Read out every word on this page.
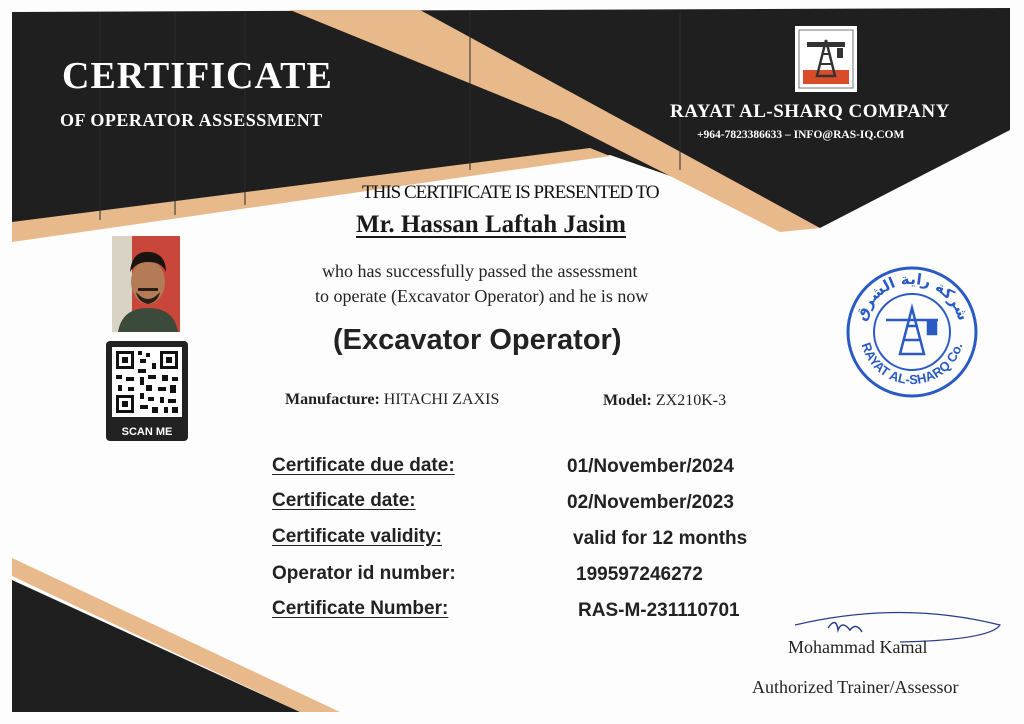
CERTIFICATE
OF OPERATOR ASSESSMENT	RAYAT AL-SHARQ COMPANY
+964-7823386633 – INFO@RAS-IQ.COM
THIS CERTIFICATE IS PRESENTED TO
Mr. Hassan Laftah Jasim
who has successfully passed the assessment
to operate (Excavator Operator) and he is now
(Excavator Operator)
SCAN ME
Manufacture: HITACHI ZAXIS	Model: ZX210K-3
Certificate due date:	01/November/2024
Certificate date:	02/November/2023
Certificate validity:	valid for 12 months
Operator id number:	199597246272
Certificate Number:	RAS-M-231110701
شركة راية الشرق
RAYAT AL-SHARQ Co.
Mohammad Kamal
Authorized Trainer/Assessor
